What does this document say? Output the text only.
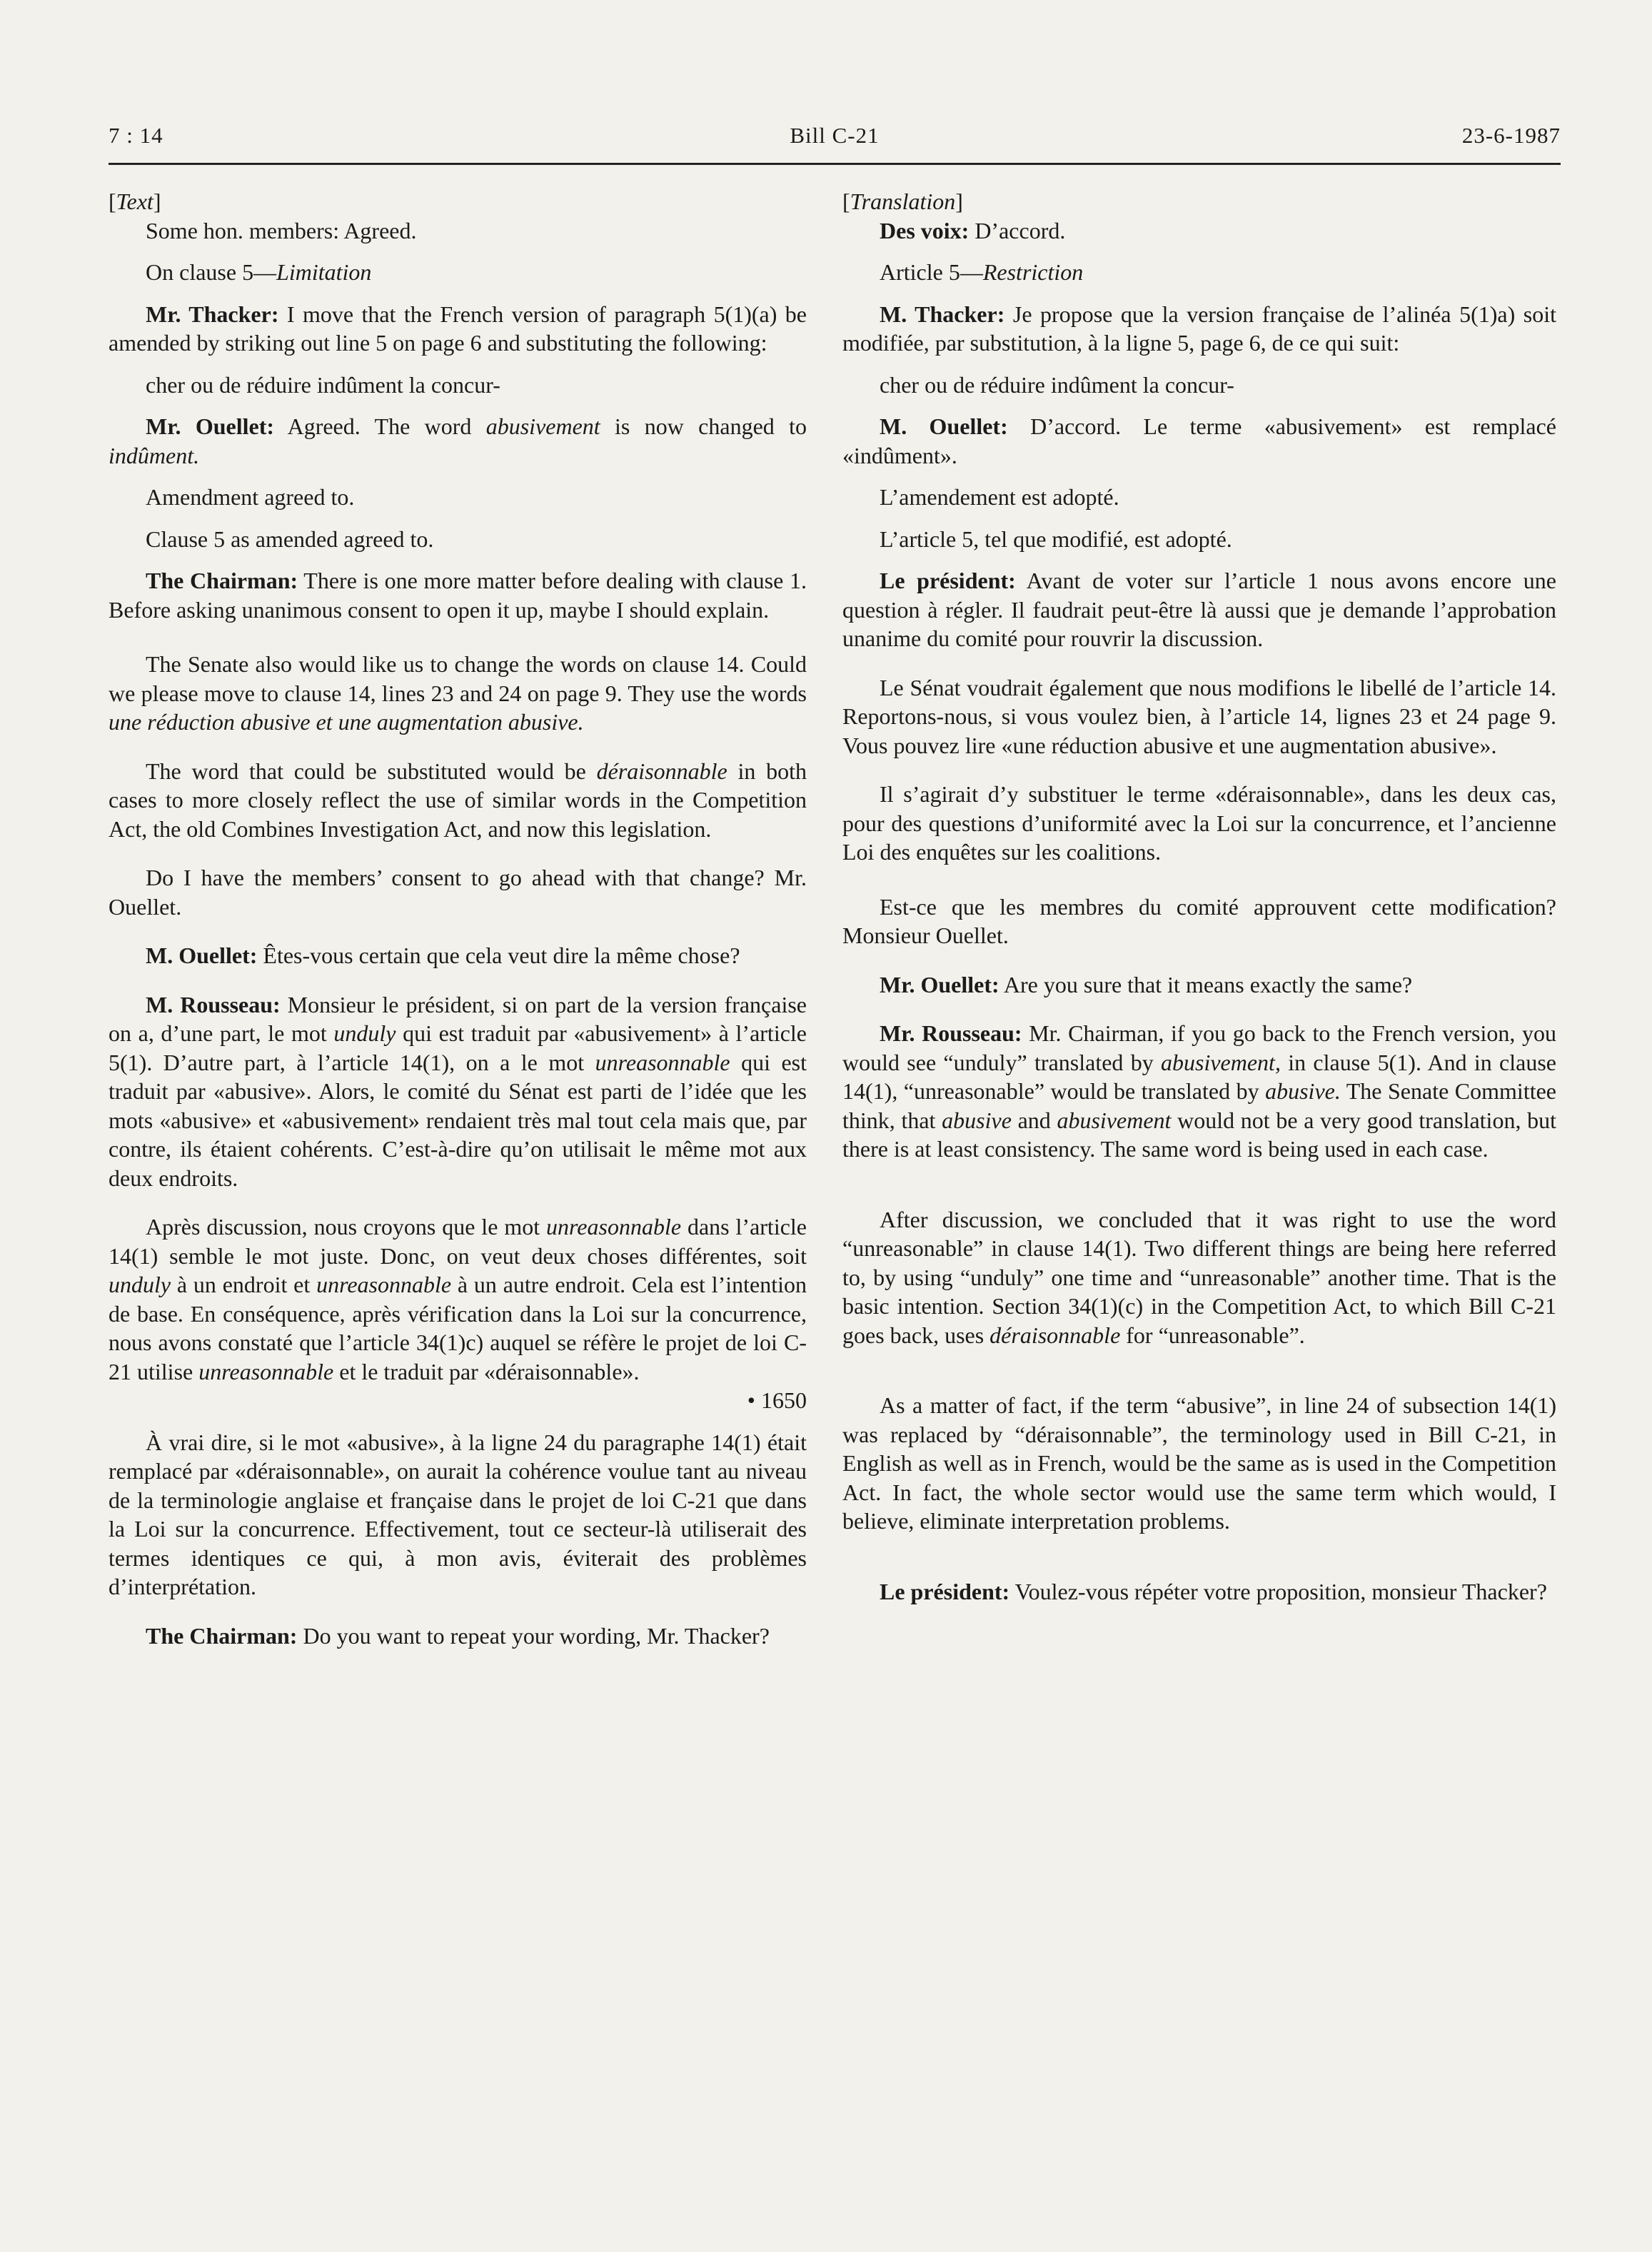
7 : 14	Bill C-21	23-6-1987

[Text]

Some hon. members: Agreed.

On clause 5—Limitation

Mr. Thacker: I move that the French version of paragraph 5(1)(a) be amended by striking out line 5 on page 6 and substituting the following:

cher ou de réduire indûment la concur-

Mr. Ouellet: Agreed. The word abusivement is now changed to indûment.

Amendment agreed to.

Clause 5 as amended agreed to.

The Chairman: There is one more matter before dealing with clause 1. Before asking unanimous consent to open it up, maybe I should explain.

The Senate also would like us to change the words on clause 14. Could we please move to clause 14, lines 23 and 24 on page 9. They use the words une réduction abusive et une augmentation abusive.

The word that could be substituted would be déraisonnable in both cases to more closely reflect the use of similar words in the Competition Act, the old Combines Investigation Act, and now this legislation.

Do I have the members’ consent to go ahead with that change? Mr. Ouellet.

M. Ouellet: Êtes-vous certain que cela veut dire la même chose?

M. Rousseau: Monsieur le président, si on part de la version française on a, d’une part, le mot unduly qui est traduit par «abusivement» à l’article 5(1). D’autre part, à l’article 14(1), on a le mot unreasonnable qui est traduit par «abusive». Alors, le comité du Sénat est parti de l’idée que les mots «abusive» et «abusivement» rendaient très mal tout cela mais que, par contre, ils étaient cohérents. C’est-à-dire qu’on utilisait le même mot aux deux endroits.

Après discussion, nous croyons que le mot unreasonnable dans l’article 14(1) semble le mot juste. Donc, on veut deux choses différentes, soit unduly à un endroit et unreasonnable à un autre endroit. Cela est l’intention de base. En conséquence, après vérification dans la Loi sur la concurrence, nous avons constaté que l’article 34(1)c) auquel se réfère le projet de loi C-21 utilise unreasonnable et le traduit par «déraisonnable».

• 1650

À vrai dire, si le mot «abusive», à la ligne 24 du paragraphe 14(1) était remplacé par «déraisonnable», on aurait la cohérence voulue tant au niveau de la terminologie anglaise et française dans le projet de loi C-21 que dans la Loi sur la concurrence. Effectivement, tout ce secteur-là utiliserait des termes identiques ce qui, à mon avis, éviterait des problèmes d’interprétation.

The Chairman: Do you want to repeat your wording, Mr. Thacker?

[Translation]

Des voix: D’accord.

Article 5—Restriction

M. Thacker: Je propose que la version française de l’alinéa 5(1)a) soit modifiée, par substitution, à la ligne 5, page 6, de ce qui suit:

cher ou de réduire indûment la concur-

M. Ouellet: D’accord. Le terme «abusivement» est remplacé «indûment».

L’amendement est adopté.

L’article 5, tel que modifié, est adopté.

Le président: Avant de voter sur l’article 1 nous avons encore une question à régler. Il faudrait peut-être là aussi que je demande l’approbation unanime du comité pour rouvrir la discussion.

Le Sénat voudrait également que nous modifions le libellé de l’article 14. Reportons-nous, si vous voulez bien, à l’article 14, lignes 23 et 24 page 9. Vous pouvez lire «une réduction abusive et une augmentation abusive».

Il s’agirait d’y substituer le terme «déraisonnable», dans les deux cas, pour des questions d’uniformité avec la Loi sur la concurrence, et l’ancienne Loi des enquêtes sur les coalitions.

Est-ce que les membres du comité approuvent cette modification? Monsieur Ouellet.

Mr. Ouellet: Are you sure that it means exactly the same?

Mr. Rousseau: Mr. Chairman, if you go back to the French version, you would see “unduly” translated by abusivement, in clause 5(1). And in clause 14(1), “unreasonable” would be translated by abusive. The Senate Committee think, that abusive and abusivement would not be a very good translation, but there is at least consistency. The same word is being used in each case.

After discussion, we concluded that it was right to use the word “unreasonable” in clause 14(1). Two different things are being here referred to, by using “unduly” one time and “unreasonable” another time. That is the basic intention. Section 34(1)(c) in the Competition Act, to which Bill C-21 goes back, uses déraisonnable for “unreasonable”.

As a matter of fact, if the term “abusive”, in line 24 of subsection 14(1) was replaced by “déraisonnable”, the terminology used in Bill C-21, in English as well as in French, would be the same as is used in the Competition Act. In fact, the whole sector would use the same term which would, I believe, eliminate interpretation problems.

Le président: Voulez-vous répéter votre proposition, monsieur Thacker?
